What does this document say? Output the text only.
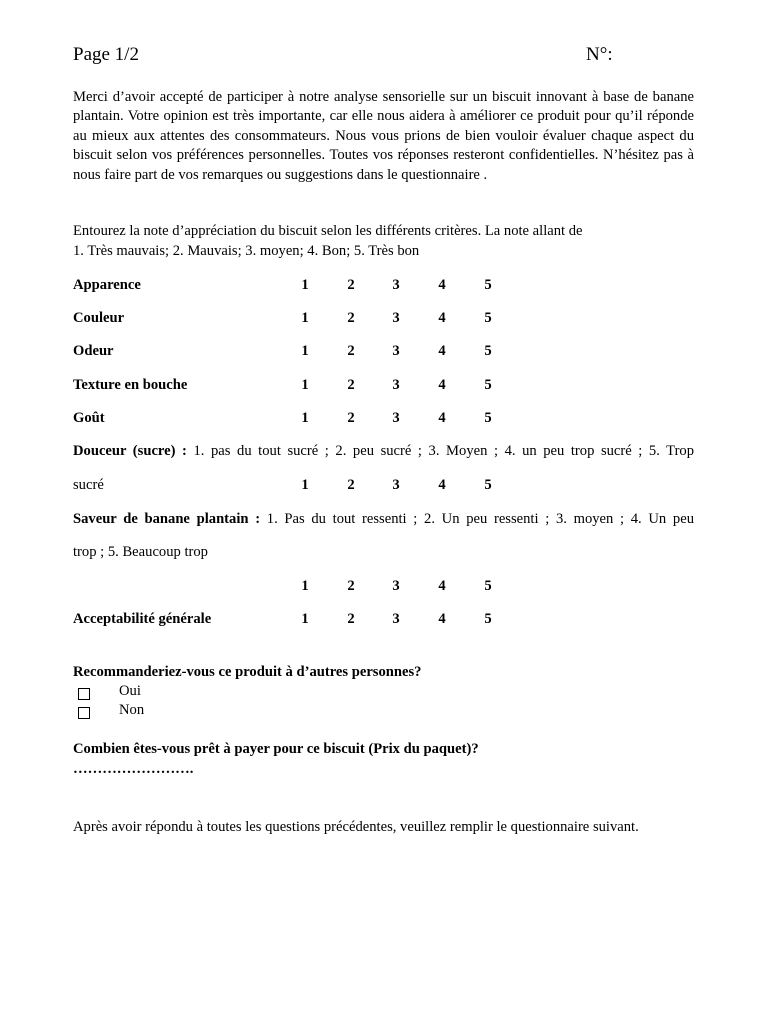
Page 1/2	N°:
Merci d’avoir accepté de participer à notre analyse sensorielle sur un biscuit innovant à base de banane plantain. Votre opinion est très importante, car elle nous aidera à améliorer ce produit pour qu’il réponde au mieux aux attentes des consommateurs. Nous vous prions de bien vouloir évaluer chaque aspect du biscuit selon vos préférences personnelles. Toutes vos réponses resteront confidentielles. N’hésitez pas à nous faire part de vos remarques ou suggestions dans le questionnaire .
Entourez la note d’appréciation du biscuit selon les différents critères. La note allant de
1. Très mauvais; 2. Mauvais; 3. moyen; 4. Bon; 5. Très bon
Apparence	1	2	3	4	5
Couleur	1	2	3	4	5
Odeur	1	2	3	4	5
Texture en bouche	1	2	3	4	5
Goût	1	2	3	4	5
Douceur (sucre) : 1. pas du tout sucré ; 2. peu sucré ; 3. Moyen ; 4. un peu trop sucré ; 5. Trop
sucré	1	2	3	4	5
Saveur de banane plantain : 1. Pas du tout ressenti ; 2. Un peu ressenti ; 3. moyen ; 4. Un peu
trop ; 5. Beaucoup trop
1	2	3	4	5
Acceptabilité générale	1	2	3	4	5
Recommanderiez-vous ce produit à d’autres personnes?
Oui
Non
Combien êtes-vous prêt à payer pour ce biscuit (Prix du paquet)?
…………………….
Après avoir répondu à toutes les questions précédentes, veuillez remplir le questionnaire suivant.
